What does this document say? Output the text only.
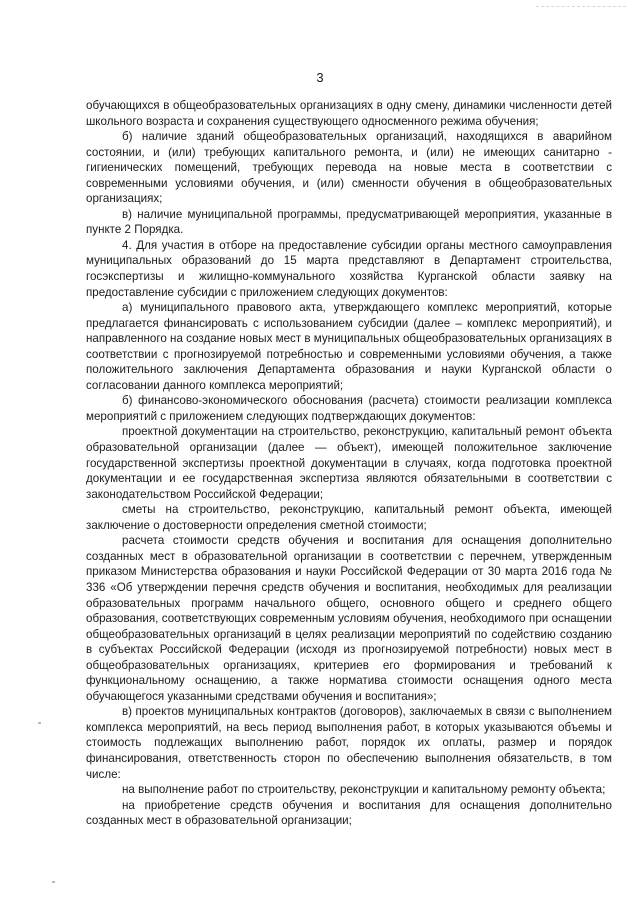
3

обучающихся в общеобразовательных организациях в одну смену, динамики численности детей школьного возраста и сохранения существующего односменного режима обучения;

б) наличие зданий общеобразовательных организаций, находящихся в аварийном состоянии, и (или) требующих капитального ремонта, и (или) не имеющих санитарно - гигиенических помещений, требующих перевода на новые места в соответствии с современными условиями обучения, и (или) сменности обучения в общеобразовательных организациях;

в) наличие муниципальной программы, предусматривающей мероприятия, указанные в пункте 2 Порядка.

4. Для участия в отборе на предоставление субсидии органы местного самоуправления муниципальных образований до 15 марта представляют в Департамент строительства, госэкспертизы и жилищно-коммунального хозяйства Курганской области заявку на предоставление субсидии с приложением следующих документов:

а) муниципального правового акта, утверждающего комплекс мероприятий, которые предлагается финансировать с использованием субсидии (далее – комплекс мероприятий), и направленного на создание новых мест в муниципальных общеобразовательных организациях в соответствии с прогнозируемой потребностью и современными условиями обучения, а также положительного заключения Департамента образования и науки Курганской области о согласовании данного комплекса мероприятий;

б) финансово-экономического обоснования (расчета) стоимости реализации комплекса мероприятий с приложением следующих подтверждающих документов:

проектной документации на строительство, реконструкцию, капитальный ремонт объекта образовательной организации (далее — объект), имеющей положительное заключение государственной экспертизы проектной документации в случаях, когда подготовка проектной документации и ее государственная экспертиза являются обязательными в соответствии с законодательством Российской Федерации;

сметы на строительство, реконструкцию, капитальный ремонт объекта, имеющей заключение о достоверности определения сметной стоимости;

расчета стоимости средств обучения и воспитания для оснащения дополнительно созданных мест в образовательной организации в соответствии с перечнем, утвержденным приказом Министерства образования и науки Российской Федерации от 30 марта 2016 года № 336 «Об утверждении перечня средств обучения и воспитания, необходимых для реализации образовательных программ начального общего, основного общего и среднего общего образования, соответствующих современным условиям обучения, необходимого при оснащении общеобразовательных организаций в целях реализации мероприятий по содействию созданию в субъектах Российской Федерации (исходя из прогнозируемой потребности) новых мест в общеобразовательных организациях, критериев его формирования и требований к функциональному оснащению, а также норматива стоимости оснащения одного места обучающегося указанными средствами обучения и воспитания»;

в) проектов муниципальных контрактов (договоров), заключаемых в связи с выполнением комплекса мероприятий, на весь период выполнения работ, в которых указываются объемы и стоимость подлежащих выполнению работ, порядок их оплаты, размер и порядок финансирования, ответственность сторон по обеспечению выполнения обязательств, в том числе:

на выполнение работ по строительству, реконструкции и капитальному ремонту объекта;

на приобретение средств обучения и воспитания для оснащения дополнительно созданных мест в образовательной организации;
